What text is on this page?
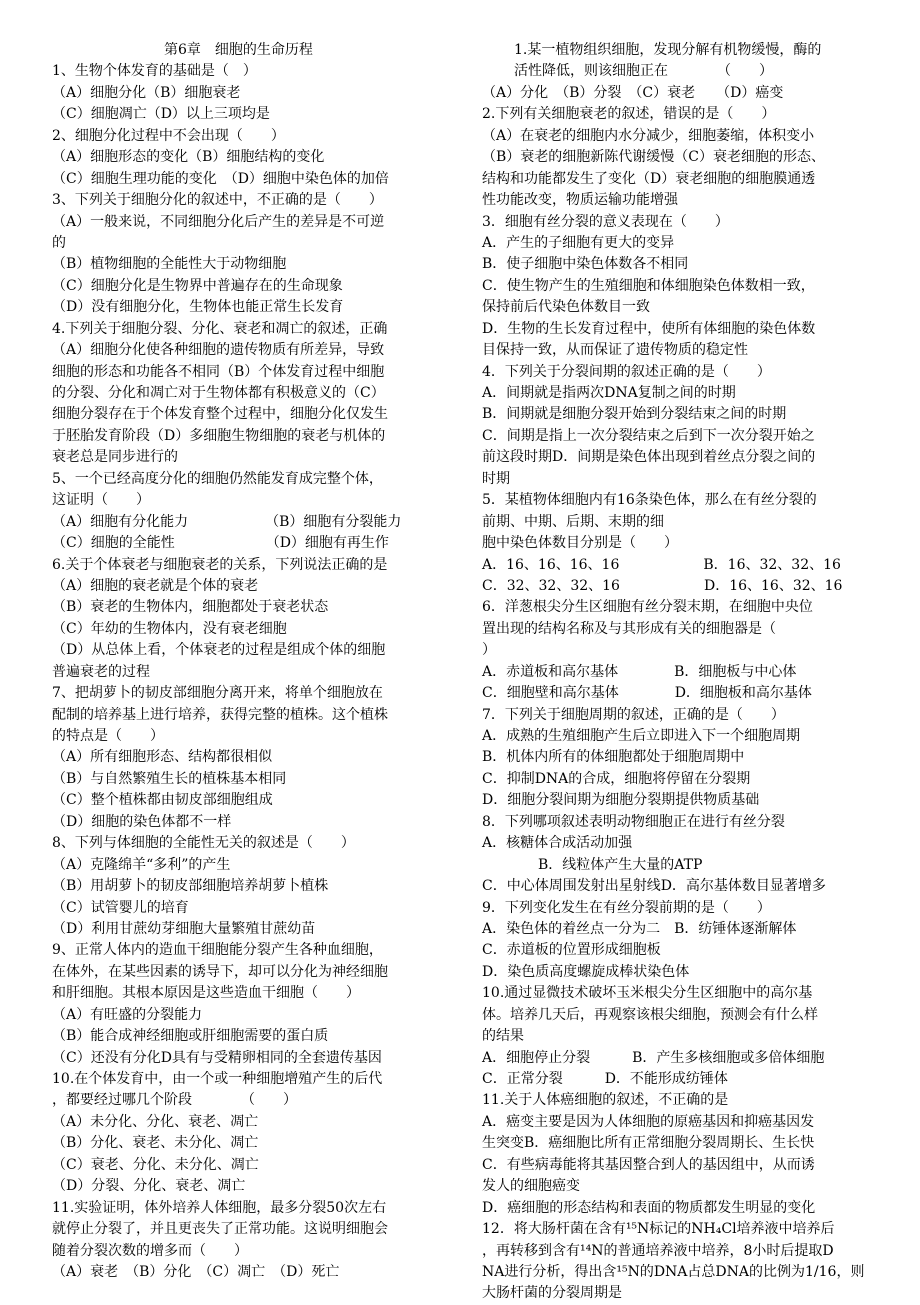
第6章　细胞的生命历程
1、生物个体发育的基础是（　）
（A）细胞分化（B）细胞衰老
（C）细胞凋亡（D）以上三项均是
2、细胞分化过程中不会出现（　　）
（A）细胞形态的变化（B）细胞结构的变化
（C）细胞生理功能的变化　（D）细胞中染色体的加倍
3、下列关于细胞分化的叙述中，不正确的是（　　）
（A）一般来说，不同细胞分化后产生的差异是不可逆
的
（B）植物细胞的全能性大于动物细胞
（C）细胞分化是生物界中普遍存在的生命现象
（D）没有细胞分化，生物体也能正常生长发育
4.下列关于细胞分裂、分化、衰老和凋亡的叙述，正确
（A）细胞分化使各种细胞的遗传物质有所差异，导致
细胞的形态和功能各不相同（B）个体发育过程中细胞
的分裂、分化和凋亡对于生物体都有积极意义的（C）
细胞分裂存在于个体发育整个过程中，细胞分化仅发生
于胚胎发育阶段（D）多细胞生物细胞的衰老与机体的
衰老总是同步进行的
5、一个已经高度分化的细胞仍然能发育成完整个体，
这证明（　　）
（A）细胞有分化能力　　　　　　（B）细胞有分裂能力
（C）细胞的全能性　　　　　　　（D）细胞有再生作
6.关于个体衰老与细胞衰老的关系，下列说法正确的是
（A）细胞的衰老就是个体的衰老
（B）衰老的生物体内，细胞都处于衰老状态
（C）年幼的生物体内，没有衰老细胞
（D）从总体上看，个体衰老的过程是组成个体的细胞
普遍衰老的过程
7、把胡萝卜的韧皮部细胞分离开来，将单个细胞放在
配制的培养基上进行培养，获得完整的植株。这个植株
的特点是（　　）
（A）所有细胞形态、结构都很相似
（B）与自然繁殖生长的植株基本相同
（C）整个植株都由韧皮部细胞组成
（D）细胞的染色体都不一样
8、下列与体细胞的全能性无关的叙述是（　　）
（A）克隆绵羊“多利”的产生
（B）用胡萝卜的韧皮部细胞培养胡萝卜植株
（C）试管婴儿的培育
（D）利用甘蔗幼芽细胞大量繁殖甘蔗幼苗
9、正常人体内的造血干细胞能分裂产生各种血细胞，
在体外，在某些因素的诱导下，却可以分化为神经细胞
和肝细胞。其根本原因是这些造血干细胞（　　）
（A）有旺盛的分裂能力
（B）能合成神经细胞或肝细胞需要的蛋白质
（C）还没有分化D具有与受精卵相同的全套遗传基因
10.在个体发育中，由一个或一种细胞增殖产生的后代
，都要经过哪几个阶段　　　　（　　）
（A）未分化、分化、衰老、凋亡
（B）分化、衰老、未分化、凋亡
（C）衰老、分化、未分化、凋亡
（D）分裂、分化、衰老、凋亡
11.实验证明，体外培养人体细胞，最多分裂50次左右
就停止分裂了，并且更丧失了正常功能。这说明细胞会
随着分裂次数的增多而（　　）
（A）衰老　（B）分化　（C）凋亡　（D）死亡
1.某一植物组织细胞，发现分解有机物缓慢，酶的
活性降低，则该细胞正在　　　　（　　）
（A）分化　（B）分裂　（C）衰老　　（D）癌变
2.下列有关细胞衰老的叙述，错误的是（　　）
（A）在衰老的细胞内水分减少，细胞萎缩，体积变小
（B）衰老的细胞新陈代谢缓慢（C）衰老细胞的形态、
结构和功能都发生了变化（D）衰老细胞的细胞膜通透
性功能改变，物质运输功能增强
3．细胞有丝分裂的意义表现在（　　）
A．产生的子细胞有更大的变异
B．使子细胞中染色体数各不相同
C．使生物产生的生殖细胞和体细胞染色体数相一致，
保持前后代染色体数目一致
D．生物的生长发育过程中，使所有体细胞的染色体数
目保持一致，从而保证了遗传物质的稳定性
4．下列关于分裂间期的叙述正确的是（　　）
A．间期就是指两次DNA复制之间的时期
B．间期就是细胞分裂开始到分裂结束之间的时期
C．间期是指上一次分裂结束之后到下一次分裂开始之
前这段时期D．间期是染色体出现到着丝点分裂之间的
时期
5．某植物体细胞内有16条染色体，那么在有丝分裂的
前期、中期、后期、末期的细
胞中染色体数目分别是（　　）
A．16、16、16、16　　　　　　B．16、32、32、16
C．32、32、32、16　　　　　　D．16、16、32、16
6．洋葱根尖分生区细胞有丝分裂末期，在细胞中央位
置出现的结构名称及与其形成有关的细胞器是（
）
A．赤道板和高尔基体　　　　B．细胞板与中心体
C．细胞壁和高尔基体　　　　D．细胞板和高尔基体
7．下列关于细胞周期的叙述，正确的是（　　）
A．成熟的生殖细胞产生后立即进入下一个细胞周期
B．机体内所有的体细胞都处于细胞周期中
C．抑制DNA的合成，细胞将停留在分裂期
D．细胞分裂间期为细胞分裂期提供物质基础
8．下列哪项叙述表明动物细胞正在进行有丝分裂
A．核糖体合成活动加强
B．线粒体产生大量的ATP
C．中心体周围发射出星射线D．高尔基体数目显著增多
9．下列变化发生在有丝分裂前期的是（　　）
A．染色体的着丝点一分为二　B．纺锤体逐渐解体
C．赤道板的位置形成细胞板
D．染色质高度螺旋成棒状染色体
10.通过显微技术破坏玉米根尖分生区细胞中的高尔基
体。培养几天后，再观察该根尖细胞，预测会有什么样
的结果
A．细胞停止分裂　　　B．产生多核细胞或多倍体细胞
C．正常分裂　　　D．不能形成纺锤体
11.关于人体癌细胞的叙述，不正确的是
A．癌变主要是因为人体细胞的原癌基因和抑癌基因发
生突变B．癌细胞比所有正常细胞分裂周期长、生长快
C．有些病毒能将其基因整合到人的基因组中，从而诱
发人的细胞癌变
D．癌细胞的形态结构和表面的物质都发生明显的变化
12．将大肠杆菌在含有¹⁵N标记的NH₄Cl培养液中培养后
，再转移到含有¹⁴N的普通培养液中培养，8小时后提取D
NA进行分析，得出含¹⁵N的DNA占总DNA的比例为1/16，则
大肠杆菌的分裂周期是
